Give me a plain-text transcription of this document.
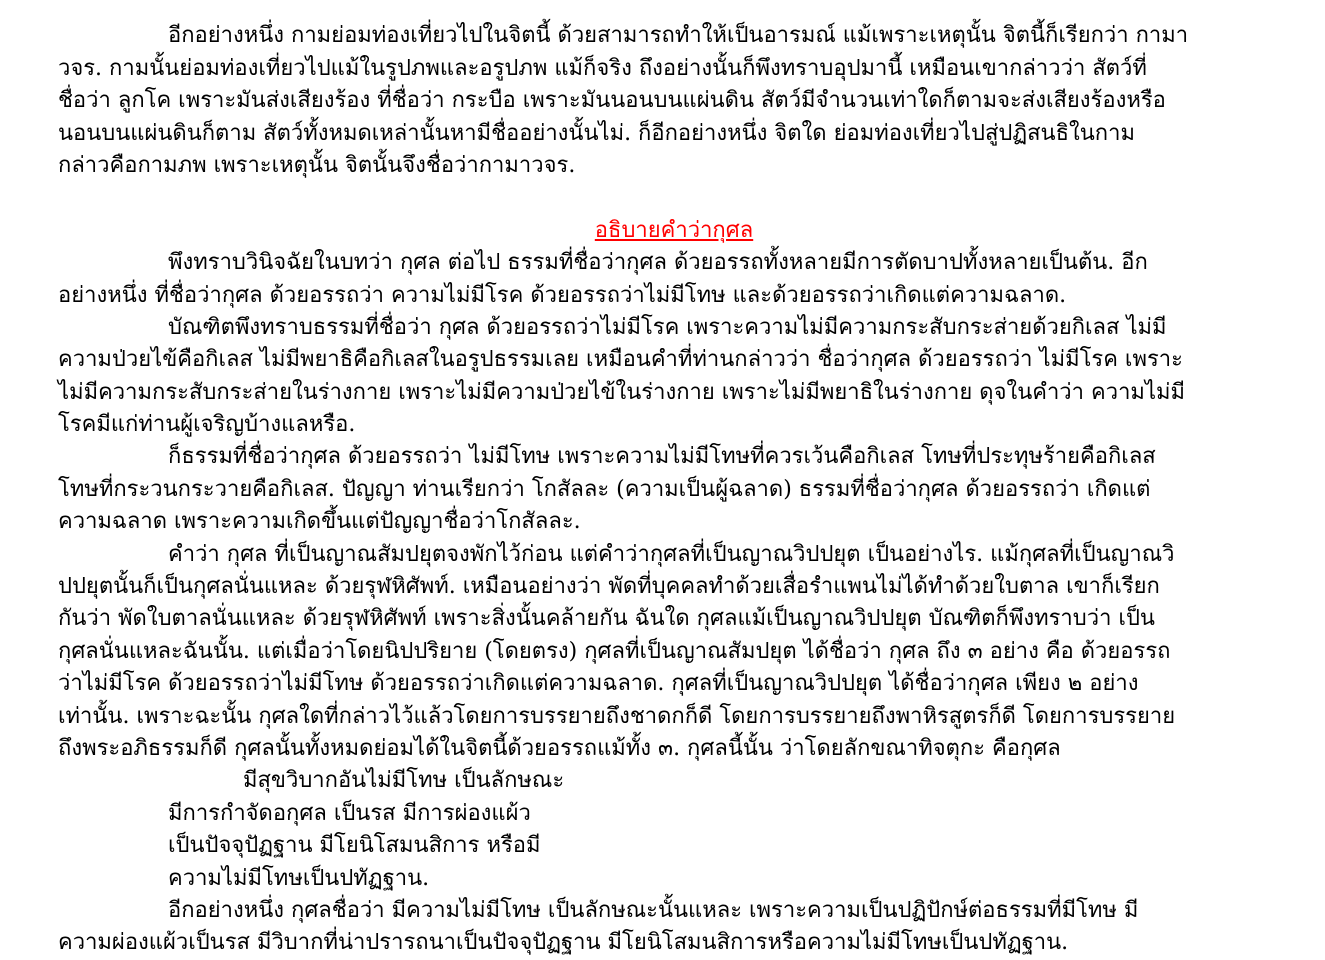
อีกอย่างหนึ่ง กามย่อมท่องเที่ยวไปในจิตนี้ ด้วยสามารถทำให้เป็นอารมณ์ แม้เพราะเหตุนั้น จิตนี้ก็เรียกว่า กามา
วจร. กามนั้นย่อมท่องเที่ยวไปแม้ในรูปภพและอรูปภพ แม้ก็จริง ถึงอย่างนั้นก็พึงทราบอุปมานี้ เหมือนเขากล่าวว่า สัตว์ที่
ชื่อว่า ลูกโค เพราะมันส่งเสียงร้อง ที่ชื่อว่า กระบือ เพราะมันนอนบนแผ่นดิน สัตว์มีจำนวนเท่าใดก็ตามจะส่งเสียงร้องหรือ
นอนบนแผ่นดินก็ตาม สัตว์ทั้งหมดเหล่านั้นหามีชื่ออย่างนั้นไม่. ก็อีกอย่างหนึ่ง จิตใด ย่อมท่องเที่ยวไปสู่ปฏิสนธิในกาม
กล่าวคือกามภพ เพราะเหตุนั้น จิตนั้นจึงชื่อว่ากามาวจร.
อธิบายคำว่ากุศล
พึงทราบวินิจฉัยในบทว่า กุศล ต่อไป ธรรมที่ชื่อว่ากุศล ด้วยอรรถทั้งหลายมีการตัดบาปทั้งหลายเป็นต้น. อีก
อย่างหนึ่ง ที่ชื่อว่ากุศล ด้วยอรรถว่า ความไม่มีโรค ด้วยอรรถว่าไม่มีโทษ และด้วยอรรถว่าเกิดแต่ความฉลาด.
บัณฑิตพึงทราบธรรมที่ชื่อว่า กุศล ด้วยอรรถว่าไม่มีโรค เพราะความไม่มีความกระสับกระส่ายด้วยกิเลส ไม่มี
ความป่วยไข้คือกิเลส ไม่มีพยาธิคือกิเลสในอรูปธรรมเลย เหมือนคำที่ท่านกล่าวว่า ชื่อว่ากุศล ด้วยอรรถว่า ไม่มีโรค เพราะ
ไม่มีความกระสับกระส่ายในร่างกาย เพราะไม่มีความป่วยไข้ในร่างกาย เพราะไม่มีพยาธิในร่างกาย ดุจในคำว่า ความไม่มี
โรคมีแก่ท่านผู้เจริญบ้างแลหรือ.
ก็ธรรมที่ชื่อว่ากุศล ด้วยอรรถว่า ไม่มีโทษ เพราะความไม่มีโทษที่ควรเว้นคือกิเลส โทษที่ประทุษร้ายคือกิเลส
โทษที่กระวนกระวายคือกิเลส. ปัญญา ท่านเรียกว่า โกสัลละ (ความเป็นผู้ฉลาด) ธรรมที่ชื่อว่ากุศล ด้วยอรรถว่า เกิดแต่
ความฉลาด เพราะความเกิดขึ้นแต่ปัญญาชื่อว่าโกสัลละ.
คำว่า กุศล ที่เป็นญาณสัมปยุตจงพักไว้ก่อน แต่คำว่ากุศลที่เป็นญาณวิปปยุต เป็นอย่างไร. แม้กุศลที่เป็นญาณวิ
ปปยุตนั้นก็เป็นกุศลนั่นแหละ ด้วยรุฬหิศัพท์. เหมือนอย่างว่า พัดที่บุคคลทำด้วยเสื่อรำแพนไม่ได้ทำด้วยใบตาล เขาก็เรียก
กันว่า พัดใบตาลนั่นแหละ ด้วยรุฬหิศัพท์ เพราะสิ่งนั้นคล้ายกัน ฉันใด กุศลแม้เป็นญาณวิปปยุต บัณฑิตก็พึงทราบว่า เป็น
กุศลนั่นแหละฉันนั้น. แต่เมื่อว่าโดยนิปปริยาย (โดยตรง) กุศลที่เป็นญาณสัมปยุต ได้ชื่อว่า กุศล ถึง ๓ อย่าง คือ ด้วยอรรถ
ว่าไม่มีโรค ด้วยอรรถว่าไม่มีโทษ ด้วยอรรถว่าเกิดแต่ความฉลาด. กุศลที่เป็นญาณวิปปยุต ได้ชื่อว่ากุศล เพียง ๒ อย่าง
เท่านั้น. เพราะฉะนั้น กุศลใดที่กล่าวไว้แล้วโดยการบรรยายถึงชาดกก็ดี โดยการบรรยายถึงพาหิรสูตรก็ดี โดยการบรรยาย
ถึงพระอภิธรรมก็ดี กุศลนั้นทั้งหมดย่อมได้ในจิตนี้ด้วยอรรถแม้ทั้ง ๓. กุศลนี้นั้น ว่าโดยลักขณาทิจตุกะ คือกุศล
มีสุขวิบากอันไม่มีโทษ เป็นลักษณะ
มีการกำจัดอกุศล เป็นรส มีการผ่องแผ้ว
เป็นปัจจุปัฏฐาน มีโยนิโสมนสิการ หรือมี
ความไม่มีโทษเป็นปทัฏฐาน.
อีกอย่างหนึ่ง กุศลชื่อว่า มีความไม่มีโทษ เป็นลักษณะนั้นแหละ เพราะความเป็นปฏิปักษ์ต่อธรรมที่มีโทษ มี
ความผ่องแผ้วเป็นรส มีวิบากที่น่าปรารถนาเป็นปัจจุปัฏฐาน มีโยนิโสมนสิการหรือความไม่มีโทษเป็นปทัฏฐาน.
